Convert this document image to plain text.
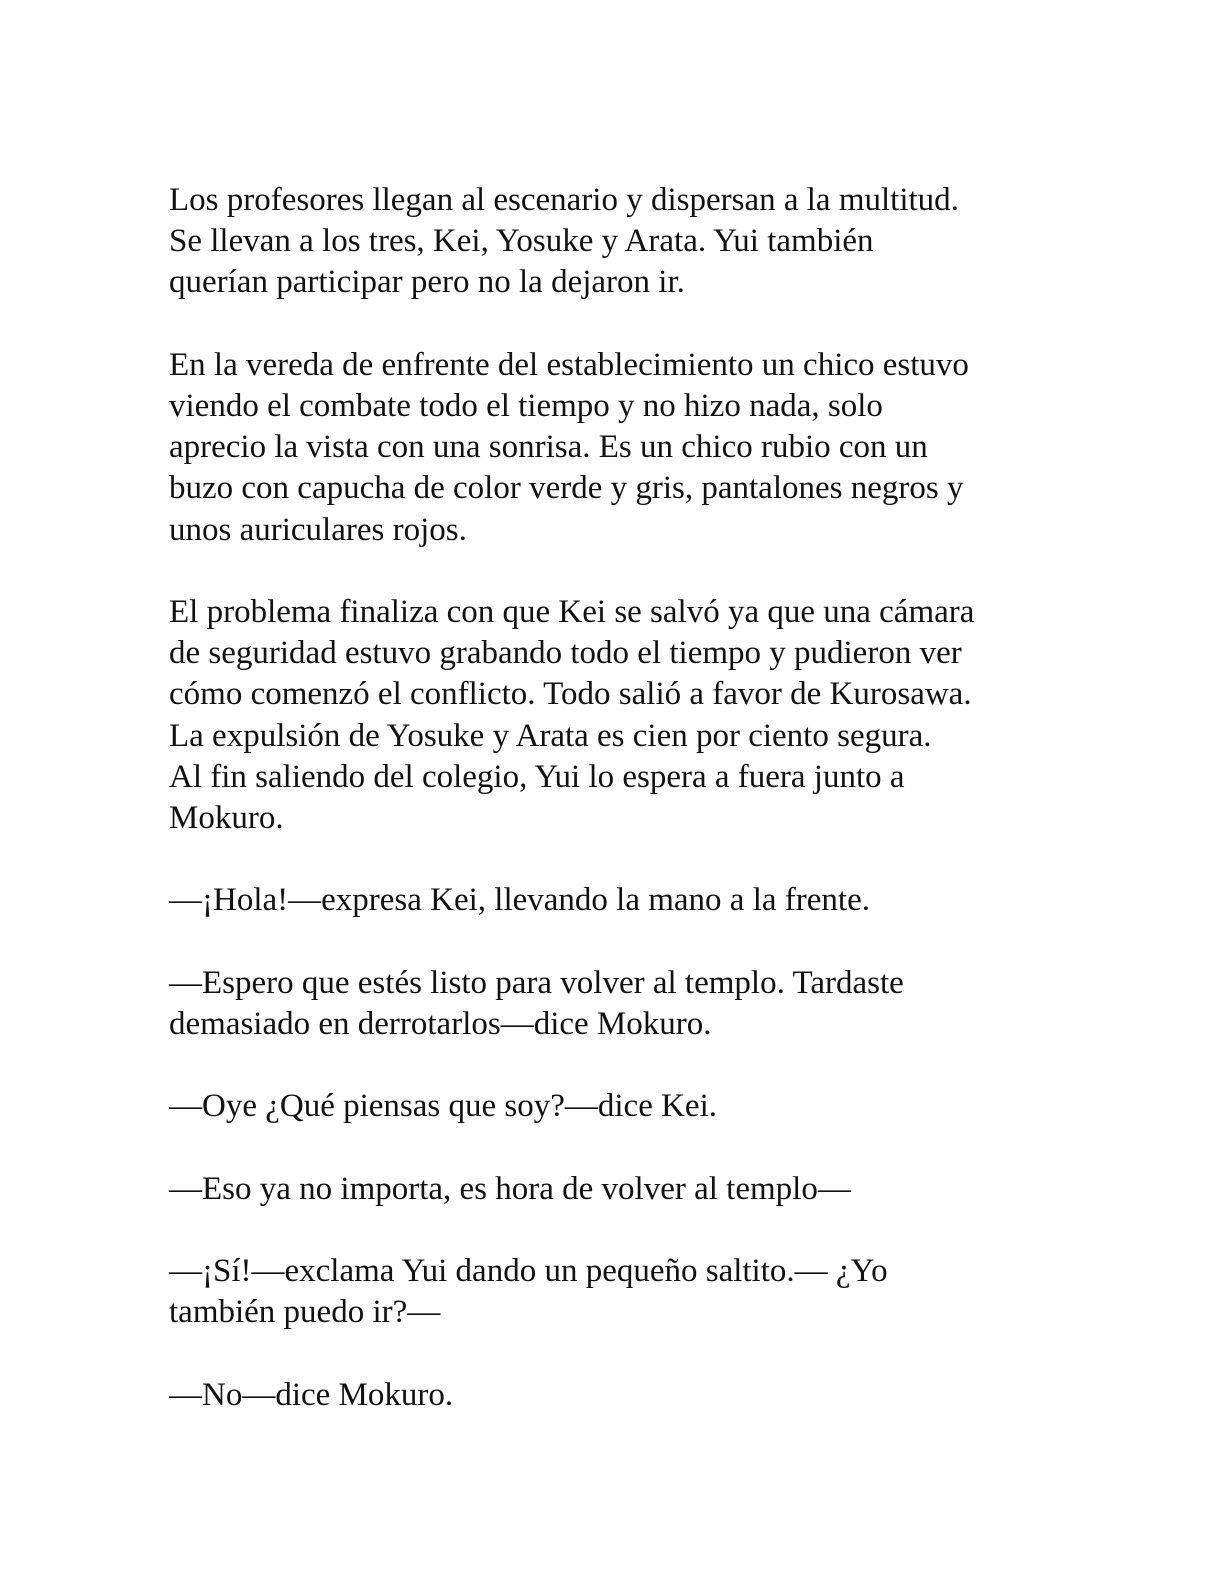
Los profesores llegan al escenario y dispersan a la multitud.
Se llevan a los tres, Kei, Yosuke y Arata. Yui también
querían participar pero no la dejaron ir.

En la vereda de enfrente del establecimiento un chico estuvo
viendo el combate todo el tiempo y no hizo nada, solo
aprecio la vista con una sonrisa. Es un chico rubio con un
buzo con capucha de color verde y gris, pantalones negros y
unos auriculares rojos.

El problema finaliza con que Kei se salvó ya que una cámara
de seguridad estuvo grabando todo el tiempo y pudieron ver
cómo comenzó el conflicto. Todo salió a favor de Kurosawa.
La expulsión de Yosuke y Arata es cien por ciento segura.
Al fin saliendo del colegio, Yui lo espera a fuera junto a
Mokuro.

—¡Hola!—expresa Kei, llevando la mano a la frente.

—Espero que estés listo para volver al templo. Tardaste
demasiado en derrotarlos—dice Mokuro.

—Oye ¿Qué piensas que soy?—dice Kei.

—Eso ya no importa, es hora de volver al templo—

—¡Sí!—exclama Yui dando un pequeño saltito.— ¿Yo
también puedo ir?—

—No—dice Mokuro.
